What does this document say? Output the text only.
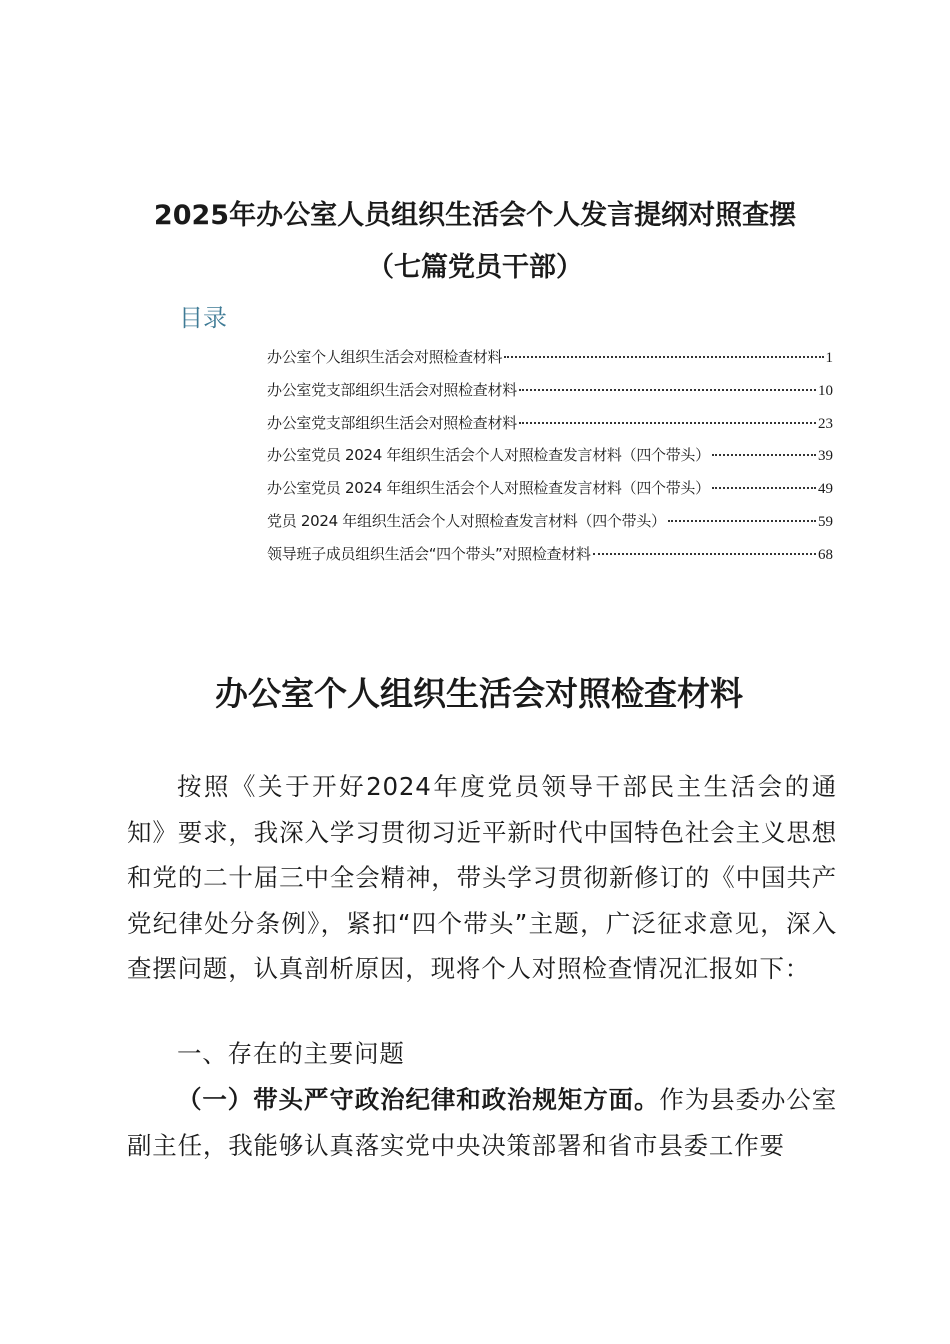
2025年办公室人员组织生活会个人发言提纲对照查摆
（七篇党员干部）
目录
办公室个人组织生活会对照检查材料	1
办公室党支部组织生活会对照检查材料	10
办公室党支部组织生活会对照检查材料	23
办公室党员 2024 年组织生活会个人对照检查发言材料（四个带头）	39
办公室党员 2024 年组织生活会个人对照检查发言材料（四个带头）	49
党员 2024 年组织生活会个人对照检查发言材料（四个带头）	59
领导班子成员组织生活会“四个带头”对照检查材料	68
办公室个人组织生活会对照检查材料
按照《关于开好2024年度党员领导干部民主生活会的通知》要求，我深入学习贯彻习近平新时代中国特色社会主义思想和党的二十届三中全会精神，带头学习贯彻新修订的《中国共产党纪律处分条例》，紧扣“四个带头”主题，广泛征求意见，深入查摆问题，认真剖析原因，现将个人对照检查情况汇报如下：
一、存在的主要问题
（一）带头严守政治纪律和政治规矩方面。作为县委办公室副主任，我能够认真落实党中央决策部署和省市县委工作要
